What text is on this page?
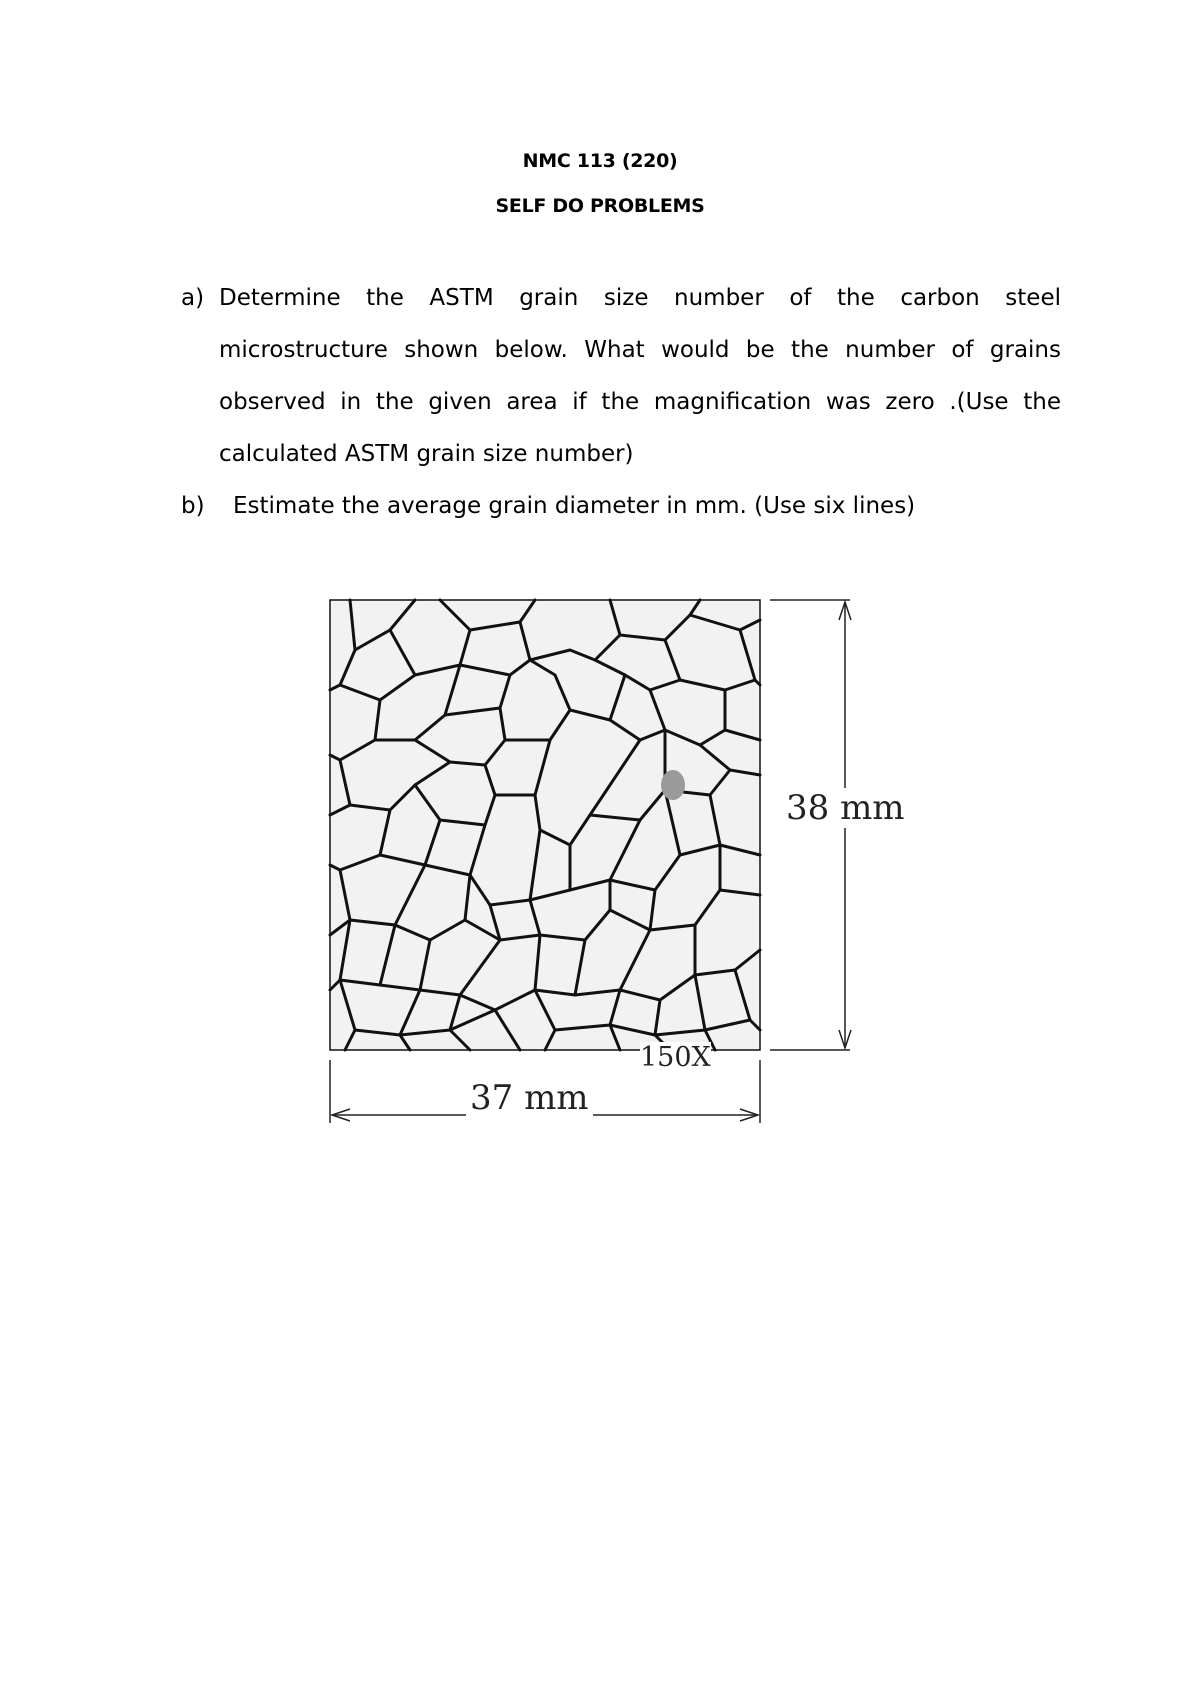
NMC 113 (220)
SELF DO PROBLEMS
a) Determine the ASTM grain size number of the carbon steel microstructure shown below. What would be the number of grains observed in the given area if the magnification was zero .(Use the calculated ASTM grain size number)
b) Estimate the average grain diameter in mm. (Use six lines)
38 mm
37 mm
150X
